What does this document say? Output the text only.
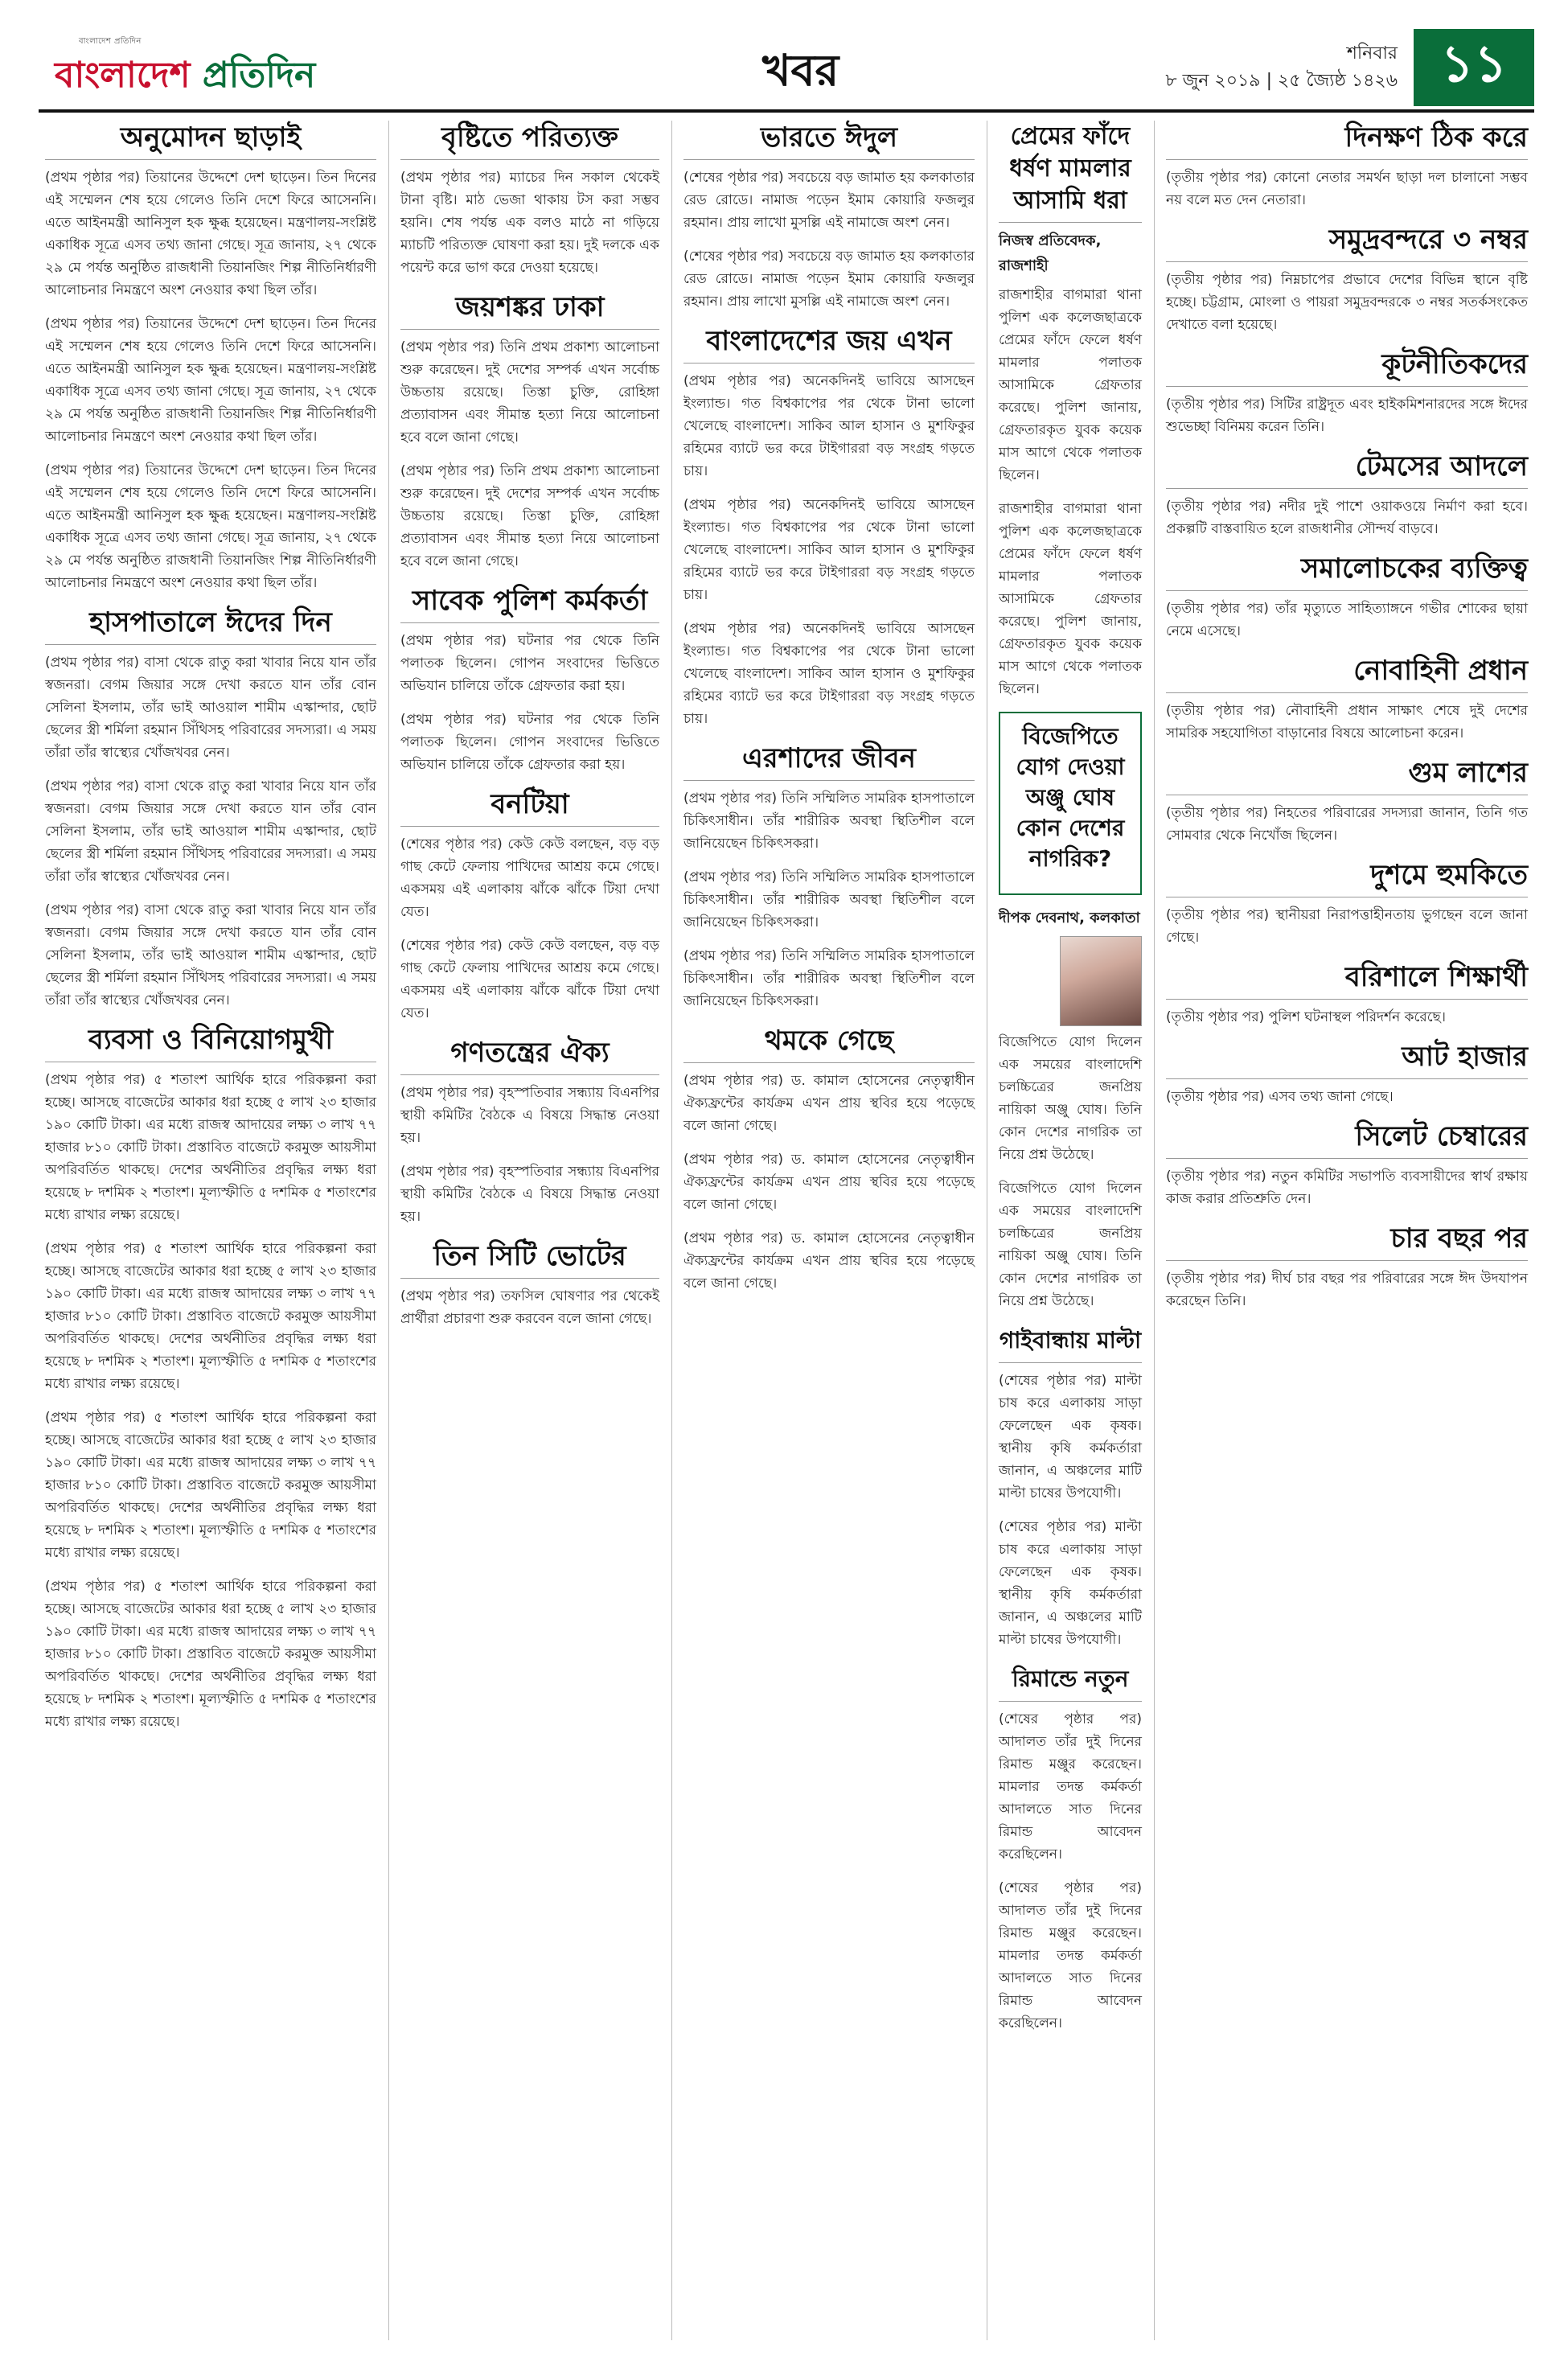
বাংলাদেশ প্রতিদিন
বাংলাদেশ প্রতিদিন	খবর	শনিবার
৮ জুন ২০১৯ | ২৫ জ্যৈষ্ঠ ১৪২৬ ১১
অনুমোদন ছাড়াই

(প্রথম পৃষ্ঠার পর) তিয়ানের উদ্দেশে দেশ ছাড়েন। তিন দিনের এই সম্মেলন শেষ হয়ে গেলেও তিনি দেশে ফিরে আসেননি। এতে আইনমন্ত্রী আনিসুল হক ক্ষুব্ধ হয়েছেন। মন্ত্রণালয়-সংশ্লিষ্ট একাধিক সূত্রে এসব তথ্য জানা গেছে। সূত্র জানায়, ২৭ থেকে ২৯ মে পর্যন্ত অনুষ্ঠিত রাজধানী তিয়ানজিং শিল্প নীতিনির্ধারণী আলোচনার নিমন্ত্রণে অংশ নেওয়ার কথা ছিল তাঁর।

(প্রথম পৃষ্ঠার পর) তিয়ানের উদ্দেশে দেশ ছাড়েন। তিন দিনের এই সম্মেলন শেষ হয়ে গেলেও তিনি দেশে ফিরে আসেননি। এতে আইনমন্ত্রী আনিসুল হক ক্ষুব্ধ হয়েছেন। মন্ত্রণালয়-সংশ্লিষ্ট একাধিক সূত্রে এসব তথ্য জানা গেছে। সূত্র জানায়, ২৭ থেকে ২৯ মে পর্যন্ত অনুষ্ঠিত রাজধানী তিয়ানজিং শিল্প নীতিনির্ধারণী আলোচনার নিমন্ত্রণে অংশ নেওয়ার কথা ছিল তাঁর।

(প্রথম পৃষ্ঠার পর) তিয়ানের উদ্দেশে দেশ ছাড়েন। তিন দিনের এই সম্মেলন শেষ হয়ে গেলেও তিনি দেশে ফিরে আসেননি। এতে আইনমন্ত্রী আনিসুল হক ক্ষুব্ধ হয়েছেন। মন্ত্রণালয়-সংশ্লিষ্ট একাধিক সূত্রে এসব তথ্য জানা গেছে। সূত্র জানায়, ২৭ থেকে ২৯ মে পর্যন্ত অনুষ্ঠিত রাজধানী তিয়ানজিং শিল্প নীতিনির্ধারণী আলোচনার নিমন্ত্রণে অংশ নেওয়ার কথা ছিল তাঁর।

হাসপাতালে ঈদের দিন

(প্রথম পৃষ্ঠার পর) বাসা থেকে রাতু করা খাবার নিয়ে যান তাঁর স্বজনরা। বেগম জিয়ার সঙ্গে দেখা করতে যান তাঁর বোন সেলিনা ইসলাম, তাঁর ভাই আওয়াল শামীম এস্কান্দার, ছোট ছেলের স্ত্রী শর্মিলা রহমান সিঁথিসহ পরিবারের সদস্যরা। এ সময় তাঁরা তাঁর স্বাস্থ্যের খোঁজখবর নেন।

(প্রথম পৃষ্ঠার পর) বাসা থেকে রাতু করা খাবার নিয়ে যান তাঁর স্বজনরা। বেগম জিয়ার সঙ্গে দেখা করতে যান তাঁর বোন সেলিনা ইসলাম, তাঁর ভাই আওয়াল শামীম এস্কান্দার, ছোট ছেলের স্ত্রী শর্মিলা রহমান সিঁথিসহ পরিবারের সদস্যরা। এ সময় তাঁরা তাঁর স্বাস্থ্যের খোঁজখবর নেন।

(প্রথম পৃষ্ঠার পর) বাসা থেকে রাতু করা খাবার নিয়ে যান তাঁর স্বজনরা। বেগম জিয়ার সঙ্গে দেখা করতে যান তাঁর বোন সেলিনা ইসলাম, তাঁর ভাই আওয়াল শামীম এস্কান্দার, ছোট ছেলের স্ত্রী শর্মিলা রহমান সিঁথিসহ পরিবারের সদস্যরা। এ সময় তাঁরা তাঁর স্বাস্থ্যের খোঁজখবর নেন।

ব্যবসা ও বিনিয়োগমুখী

(প্রথম পৃষ্ঠার পর) ৫ শতাংশ আর্থিক হারে পরিকল্পনা করা হচ্ছে। আসছে বাজেটের আকার ধরা হচ্ছে ৫ লাখ ২৩ হাজার ১৯০ কোটি টাকা। এর মধ্যে রাজস্ব আদায়ের লক্ষ্য ৩ লাখ ৭৭ হাজার ৮১০ কোটি টাকা। প্রস্তাবিত বাজেটে করমুক্ত আয়সীমা অপরিবর্তিত থাকছে। দেশের অর্থনীতির প্রবৃদ্ধির লক্ষ্য ধরা হয়েছে ৮ দশমিক ২ শতাংশ। মূল্যস্ফীতি ৫ দশমিক ৫ শতাংশের মধ্যে রাখার লক্ষ্য রয়েছে।

(প্রথম পৃষ্ঠার পর) ৫ শতাংশ আর্থিক হারে পরিকল্পনা করা হচ্ছে। আসছে বাজেটের আকার ধরা হচ্ছে ৫ লাখ ২৩ হাজার ১৯০ কোটি টাকা। এর মধ্যে রাজস্ব আদায়ের লক্ষ্য ৩ লাখ ৭৭ হাজার ৮১০ কোটি টাকা। প্রস্তাবিত বাজেটে করমুক্ত আয়সীমা অপরিবর্তিত থাকছে। দেশের অর্থনীতির প্রবৃদ্ধির লক্ষ্য ধরা হয়েছে ৮ দশমিক ২ শতাংশ। মূল্যস্ফীতি ৫ দশমিক ৫ শতাংশের মধ্যে রাখার লক্ষ্য রয়েছে।

(প্রথম পৃষ্ঠার পর) ৫ শতাংশ আর্থিক হারে পরিকল্পনা করা হচ্ছে। আসছে বাজেটের আকার ধরা হচ্ছে ৫ লাখ ২৩ হাজার ১৯০ কোটি টাকা। এর মধ্যে রাজস্ব আদায়ের লক্ষ্য ৩ লাখ ৭৭ হাজার ৮১০ কোটি টাকা। প্রস্তাবিত বাজেটে করমুক্ত আয়সীমা অপরিবর্তিত থাকছে। দেশের অর্থনীতির প্রবৃদ্ধির লক্ষ্য ধরা হয়েছে ৮ দশমিক ২ শতাংশ। মূল্যস্ফীতি ৫ দশমিক ৫ শতাংশের মধ্যে রাখার লক্ষ্য রয়েছে।

(প্রথম পৃষ্ঠার পর) ৫ শতাংশ আর্থিক হারে পরিকল্পনা করা হচ্ছে। আসছে বাজেটের আকার ধরা হচ্ছে ৫ লাখ ২৩ হাজার ১৯০ কোটি টাকা। এর মধ্যে রাজস্ব আদায়ের লক্ষ্য ৩ লাখ ৭৭ হাজার ৮১০ কোটি টাকা। প্রস্তাবিত বাজেটে করমুক্ত আয়সীমা অপরিবর্তিত থাকছে। দেশের অর্থনীতির প্রবৃদ্ধির লক্ষ্য ধরা হয়েছে ৮ দশমিক ২ শতাংশ। মূল্যস্ফীতি ৫ দশমিক ৫ শতাংশের মধ্যে রাখার লক্ষ্য রয়েছে।

বৃষ্টিতে পরিত্যক্ত

(প্রথম পৃষ্ঠার পর) ম্যাচের দিন সকাল থেকেই টানা বৃষ্টি। মাঠ ভেজা থাকায় টস করা সম্ভব হয়নি। শেষ পর্যন্ত এক বলও মাঠে না গড়িয়ে ম্যাচটি পরিত্যক্ত ঘোষণা করা হয়। দুই দলকে এক পয়েন্ট করে ভাগ করে দেওয়া হয়েছে।

জয়শঙ্কর ঢাকা

(প্রথম পৃষ্ঠার পর) তিনি প্রথম প্রকাশ্য আলোচনা শুরু করেছেন। দুই দেশের সম্পর্ক এখন সর্বোচ্চ উচ্চতায় রয়েছে। তিস্তা চুক্তি, রোহিঙ্গা প্রত্যাবাসন এবং সীমান্ত হত্যা নিয়ে আলোচনা হবে বলে জানা গেছে।

(প্রথম পৃষ্ঠার পর) তিনি প্রথম প্রকাশ্য আলোচনা শুরু করেছেন। দুই দেশের সম্পর্ক এখন সর্বোচ্চ উচ্চতায় রয়েছে। তিস্তা চুক্তি, রোহিঙ্গা প্রত্যাবাসন এবং সীমান্ত হত্যা নিয়ে আলোচনা হবে বলে জানা গেছে।

সাবেক পুলিশ কর্মকর্তা

(প্রথম পৃষ্ঠার পর) ঘটনার পর থেকে তিনি পলাতক ছিলেন। গোপন সংবাদের ভিত্তিতে অভিযান চালিয়ে তাঁকে গ্রেফতার করা হয়।

(প্রথম পৃষ্ঠার পর) ঘটনার পর থেকে তিনি পলাতক ছিলেন। গোপন সংবাদের ভিত্তিতে অভিযান চালিয়ে তাঁকে গ্রেফতার করা হয়।

বনটিয়া

(শেষের পৃষ্ঠার পর) কেউ কেউ বলছেন, বড় বড় গাছ কেটে ফেলায় পাখিদের আশ্রয় কমে গেছে। একসময় এই এলাকায় ঝাঁকে ঝাঁকে টিয়া দেখা যেত।

(শেষের পৃষ্ঠার পর) কেউ কেউ বলছেন, বড় বড় গাছ কেটে ফেলায় পাখিদের আশ্রয় কমে গেছে। একসময় এই এলাকায় ঝাঁকে ঝাঁকে টিয়া দেখা যেত।

গণতন্ত্রের ঐক্য

(প্রথম পৃষ্ঠার পর) বৃহস্পতিবার সন্ধ্যায় বিএনপির স্থায়ী কমিটির বৈঠকে এ বিষয়ে সিদ্ধান্ত নেওয়া হয়।

(প্রথম পৃষ্ঠার পর) বৃহস্পতিবার সন্ধ্যায় বিএনপির স্থায়ী কমিটির বৈঠকে এ বিষয়ে সিদ্ধান্ত নেওয়া হয়।

তিন সিটি ভোটের

(প্রথম পৃষ্ঠার পর) তফসিল ঘোষণার পর থেকেই প্রার্থীরা প্রচারণা শুরু করবেন বলে জানা গেছে।

ভারতে ঈদুল

(শেষের পৃষ্ঠার পর) সবচেয়ে বড় জামাত হয় কলকাতার রেড রোডে। নামাজ পড়েন ইমাম কোয়ারি ফজলুর রহমান। প্রায় লাখো মুসল্লি এই নামাজে অংশ নেন।

(শেষের পৃষ্ঠার পর) সবচেয়ে বড় জামাত হয় কলকাতার রেড রোডে। নামাজ পড়েন ইমাম কোয়ারি ফজলুর রহমান। প্রায় লাখো মুসল্লি এই নামাজে অংশ নেন।

বাংলাদেশের জয় এখন

(প্রথম পৃষ্ঠার পর) অনেকদিনই ভাবিয়ে আসছেন ইংল্যান্ড। গত বিশ্বকাপের পর থেকে টানা ভালো খেলেছে বাংলাদেশ। সাকিব আল হাসান ও মুশফিকুর রহিমের ব্যাটে ভর করে টাইগাররা বড় সংগ্রহ গড়তে চায়।

(প্রথম পৃষ্ঠার পর) অনেকদিনই ভাবিয়ে আসছেন ইংল্যান্ড। গত বিশ্বকাপের পর থেকে টানা ভালো খেলেছে বাংলাদেশ। সাকিব আল হাসান ও মুশফিকুর রহিমের ব্যাটে ভর করে টাইগাররা বড় সংগ্রহ গড়তে চায়।

(প্রথম পৃষ্ঠার পর) অনেকদিনই ভাবিয়ে আসছেন ইংল্যান্ড। গত বিশ্বকাপের পর থেকে টানা ভালো খেলেছে বাংলাদেশ। সাকিব আল হাসান ও মুশফিকুর রহিমের ব্যাটে ভর করে টাইগাররা বড় সংগ্রহ গড়তে চায়।

এরশাদের জীবন

(প্রথম পৃষ্ঠার পর) তিনি সম্মিলিত সামরিক হাসপাতালে চিকিৎসাধীন। তাঁর শারীরিক অবস্থা স্থিতিশীল বলে জানিয়েছেন চিকিৎসকরা।

(প্রথম পৃষ্ঠার পর) তিনি সম্মিলিত সামরিক হাসপাতালে চিকিৎসাধীন। তাঁর শারীরিক অবস্থা স্থিতিশীল বলে জানিয়েছেন চিকিৎসকরা।

(প্রথম পৃষ্ঠার পর) তিনি সম্মিলিত সামরিক হাসপাতালে চিকিৎসাধীন। তাঁর শারীরিক অবস্থা স্থিতিশীল বলে জানিয়েছেন চিকিৎসকরা।

থমকে গেছে

(প্রথম পৃষ্ঠার পর) ড. কামাল হোসেনের নেতৃত্বাধীন ঐক্যফ্রন্টের কার্যক্রম এখন প্রায় স্থবির হয়ে পড়েছে বলে জানা গেছে।

(প্রথম পৃষ্ঠার পর) ড. কামাল হোসেনের নেতৃত্বাধীন ঐক্যফ্রন্টের কার্যক্রম এখন প্রায় স্থবির হয়ে পড়েছে বলে জানা গেছে।

(প্রথম পৃষ্ঠার পর) ড. কামাল হোসেনের নেতৃত্বাধীন ঐক্যফ্রন্টের কার্যক্রম এখন প্রায় স্থবির হয়ে পড়েছে বলে জানা গেছে।

প্রেমের ফাঁদে ধর্ষণ মামলার আসামি ধরা
নিজস্ব প্রতিবেদক, রাজশাহী

রাজশাহীর বাগমারা থানা পুলিশ এক কলেজছাত্রকে প্রেমের ফাঁদে ফেলে ধর্ষণ মামলার পলাতক আসামিকে গ্রেফতার করেছে। পুলিশ জানায়, গ্রেফতারকৃত যুবক কয়েক মাস আগে থেকে পলাতক ছিলেন।

রাজশাহীর বাগমারা থানা পুলিশ এক কলেজছাত্রকে প্রেমের ফাঁদে ফেলে ধর্ষণ মামলার পলাতক আসামিকে গ্রেফতার করেছে। পুলিশ জানায়, গ্রেফতারকৃত যুবক কয়েক মাস আগে থেকে পলাতক ছিলেন।

বিজেপিতে যোগ দেওয়া অঞ্জু ঘোষ কোন দেশের নাগরিক?
দীপক দেবনাথ, কলকাতা

বিজেপিতে যোগ দিলেন এক সময়ের বাংলাদেশি চলচ্চিত্রের জনপ্রিয় নায়িকা অঞ্জু ঘোষ। তিনি কোন দেশের নাগরিক তা নিয়ে প্রশ্ন উঠেছে।

বিজেপিতে যোগ দিলেন এক সময়ের বাংলাদেশি চলচ্চিত্রের জনপ্রিয় নায়িকা অঞ্জু ঘোষ। তিনি কোন দেশের নাগরিক তা নিয়ে প্রশ্ন উঠেছে।

গাইবান্ধায় মাল্টা

(শেষের পৃষ্ঠার পর) মাল্টা চাষ করে এলাকায় সাড়া ফেলেছেন এক কৃষক। স্থানীয় কৃষি কর্মকর্তারা জানান, এ অঞ্চলের মাটি মাল্টা চাষের উপযোগী।

(শেষের পৃষ্ঠার পর) মাল্টা চাষ করে এলাকায় সাড়া ফেলেছেন এক কৃষক। স্থানীয় কৃষি কর্মকর্তারা জানান, এ অঞ্চলের মাটি মাল্টা চাষের উপযোগী।

রিমান্ডে নতুন

(শেষের পৃষ্ঠার পর) আদালত তাঁর দুই দিনের রিমান্ড মঞ্জুর করেছেন। মামলার তদন্ত কর্মকর্তা আদালতে সাত দিনের রিমান্ড আবেদন করেছিলেন।

(শেষের পৃষ্ঠার পর) আদালত তাঁর দুই দিনের রিমান্ড মঞ্জুর করেছেন। মামলার তদন্ত কর্মকর্তা আদালতে সাত দিনের রিমান্ড আবেদন করেছিলেন।

দিনক্ষণ ঠিক করে

(তৃতীয় পৃষ্ঠার পর) কোনো নেতার সমর্থন ছাড়া দল চালানো সম্ভব নয় বলে মত দেন নেতারা।

সমুদ্রবন্দরে ৩ নম্বর

(তৃতীয় পৃষ্ঠার পর) নিম্নচাপের প্রভাবে দেশের বিভিন্ন স্থানে বৃষ্টি হচ্ছে। চট্টগ্রাম, মোংলা ও পায়রা সমুদ্রবন্দরকে ৩ নম্বর সতর্কসংকেত দেখাতে বলা হয়েছে।

কূটনীতিকদের

(তৃতীয় পৃষ্ঠার পর) সিটির রাষ্ট্রদূত এবং হাইকমিশনারদের সঙ্গে ঈদের শুভেচ্ছা বিনিময় করেন তিনি।

টেমসের আদলে

(তৃতীয় পৃষ্ঠার পর) নদীর দুই পাশে ওয়াকওয়ে নির্মাণ করা হবে। প্রকল্পটি বাস্তবায়িত হলে রাজধানীর সৌন্দর্য বাড়বে।

সমালোচকের ব্যক্তিত্ব

(তৃতীয় পৃষ্ঠার পর) তাঁর মৃত্যুতে সাহিত্যাঙ্গনে গভীর শোকের ছায়া নেমে এসেছে।

নোবাহিনী প্রধান

(তৃতীয় পৃষ্ঠার পর) নৌবাহিনী প্রধান সাক্ষাৎ শেষে দুই দেশের সামরিক সহযোগিতা বাড়ানোর বিষয়ে আলোচনা করেন।

গুম লাশের

(তৃতীয় পৃষ্ঠার পর) নিহতের পরিবারের সদস্যরা জানান, তিনি গত সোমবার থেকে নিখোঁজ ছিলেন।

দুশমে হুমকিতে

(তৃতীয় পৃষ্ঠার পর) স্থানীয়রা নিরাপত্তাহীনতায় ভুগছেন বলে জানা গেছে।

বরিশালে শিক্ষার্থী

(তৃতীয় পৃষ্ঠার পর) পুলিশ ঘটনাস্থল পরিদর্শন করেছে।

আট হাজার

(তৃতীয় পৃষ্ঠার পর) এসব তথ্য জানা গেছে।

সিলেট চেম্বারের

(তৃতীয় পৃষ্ঠার পর) নতুন কমিটির সভাপতি ব্যবসায়ীদের স্বার্থ রক্ষায় কাজ করার প্রতিশ্রুতি দেন।

চার বছর পর

(তৃতীয় পৃষ্ঠার পর) দীর্ঘ চার বছর পর পরিবারের সঙ্গে ঈদ উদযাপন করেছেন তিনি।
